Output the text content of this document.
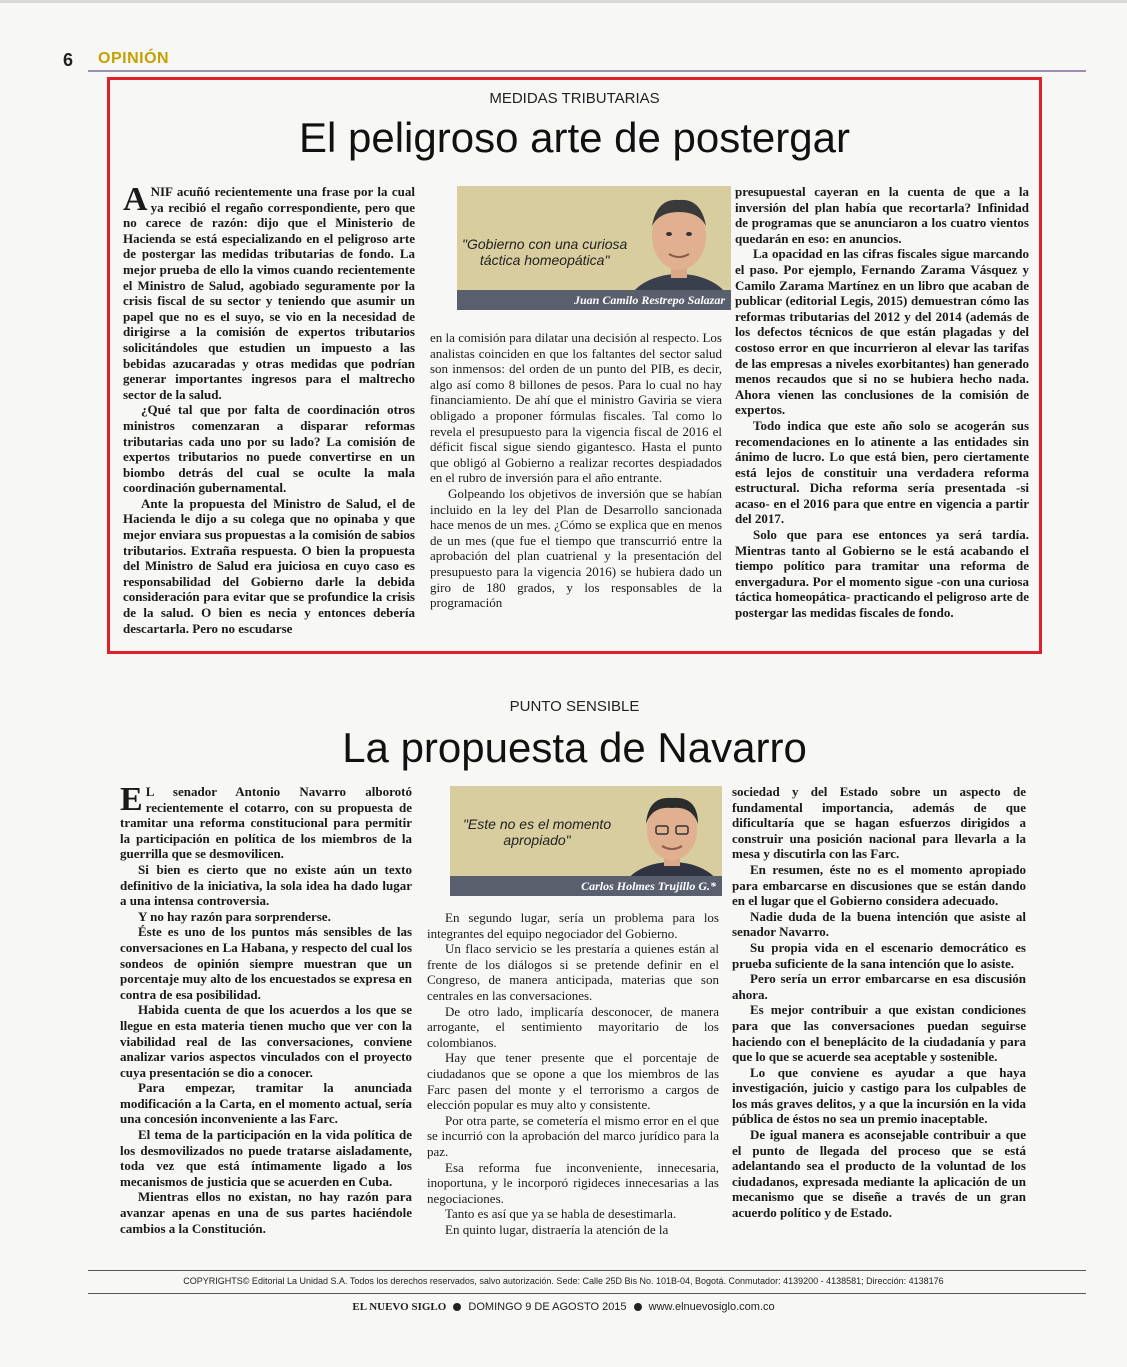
6 OPINIÓN
MEDIDAS TRIBUTARIAS
El peligroso arte de postergar

ANIF acuñó recientemente una frase por la cual ya recibió el regaño correspondiente, pero que no carece de razón: dijo que el Ministerio de Hacienda se está especializando en el peligroso arte de postergar las medidas tributarias de fondo. La mejor prueba de ello la vimos cuando recientemente el Ministro de Salud, agobiado seguramente por la crisis fiscal de su sector y teniendo que asumir un papel que no es el suyo, se vio en la necesidad de dirigirse a la comisión de expertos tributarios solicitándoles que estudien un impuesto a las bebidas azucaradas y otras medidas que podrían generar importantes ingresos para el maltrecho sector de la salud.

¿Qué tal que por falta de coordinación otros ministros comenzaran a disparar reformas tributarias cada uno por su lado? La comisión de expertos tributarios no puede convertirse en un biombo detrás del cual se oculte la mala coordinación gubernamental.

Ante la propuesta del Ministro de Salud, el de Hacienda le dijo a su colega que no opinaba y que mejor enviara sus propuestas a la comisión de sabios tributarios. Extraña respuesta. O bien la propuesta del Ministro de Salud era juiciosa en cuyo caso es responsabilidad del Gobierno darle la debida consideración para evitar que se profundice la crisis de la salud. O bien es necia y entonces debería descartarla. Pero no escudarse

"Gobierno con una curiosa táctica homeopática"
Juan Camilo Restrepo Salazar

en la comisión para dilatar una decisión al respecto. Los analistas coinciden en que los faltantes del sector salud son inmensos: del orden de un punto del PIB, es decir, algo así como 8 billones de pesos. Para lo cual no hay financiamiento. De ahí que el ministro Gaviria se viera obligado a proponer fórmulas fiscales. Tal como lo revela el presupuesto para la vigencia fiscal de 2016 el déficit fiscal sigue siendo gigantesco. Hasta el punto que obligó al Gobierno a realizar recortes despiadados en el rubro de inversión para el año entrante.

Golpeando los objetivos de inversión que se habían incluido en la ley del Plan de Desarrollo sancionada hace menos de un mes. ¿Cómo se explica que en menos de un mes (que fue el tiempo que transcurrió entre la aprobación del plan cuatrienal y la presentación del presupuesto para la vigencia 2016) se hubiera dado un giro de 180 grados, y los responsables de la programación

presupuestal cayeran en la cuenta de que a la inversión del plan había que recortarla? Infinidad de programas que se anunciaron a los cuatro vientos quedarán en eso: en anuncios.

La opacidad en las cifras fiscales sigue marcando el paso. Por ejemplo, Fernando Zarama Vásquez y Camilo Zarama Martínez en un libro que acaban de publicar (editorial Legis, 2015) demuestran cómo las reformas tributarias del 2012 y del 2014 (además de los defectos técnicos de que están plagadas y del costoso error en que incurrieron al elevar las tarifas de las empresas a niveles exorbitantes) han generado menos recaudos que si no se hubiera hecho nada. Ahora vienen las conclusiones de la comisión de expertos.

Todo indica que este año solo se acogerán sus recomendaciones en lo atinente a las entidades sin ánimo de lucro. Lo que está bien, pero ciertamente está lejos de constituir una verdadera reforma estructural. Dicha reforma sería presentada -si acaso- en el 2016 para que entre en vigencia a partir del 2017.

Solo que para ese entonces ya será tardía. Mientras tanto al Gobierno se le está acabando el tiempo político para tramitar una reforma de envergadura. Por el momento sigue -con una curiosa táctica homeopática- practicando el peligroso arte de postergar las medidas fiscales de fondo.

PUNTO SENSIBLE
La propuesta de Navarro

E L senador Antonio Navarro alborotó recientemente el cotarro, con su propuesta de tramitar una reforma constitucional para permitir la participación en política de los miembros de la guerrilla que se desmovilicen.

Si bien es cierto que no existe aún un texto definitivo de la iniciativa, la sola idea ha dado lugar a una intensa controversia.

Y no hay razón para sorprenderse.

Éste es uno de los puntos más sensibles de las conversaciones en La Habana, y respecto del cual los sondeos de opinión siempre muestran que un porcentaje muy alto de los encuestados se expresa en contra de esa posibilidad.

Habida cuenta de que los acuerdos a los que se llegue en esta materia tienen mucho que ver con la viabilidad real de las conversaciones, conviene analizar varios aspectos vinculados con el proyecto cuya presentación se dio a conocer.

Para empezar, tramitar la anunciada modificación a la Carta, en el momento actual, sería una concesión inconveniente a las Farc.

El tema de la participación en la vida política de los desmovilizados no puede tratarse aisladamente, toda vez que está íntimamente ligado a los mecanismos de justicia que se acuerden en Cuba.

Mientras ellos no existan, no hay razón para avanzar apenas en una de sus partes haciéndole cambios a la Constitución.

"Este no es el momento apropiado"
Carlos Holmes Trujillo G.*

En segundo lugar, sería un problema para los integrantes del equipo negociador del Gobierno.

Un flaco servicio se les prestaría a quienes están al frente de los diálogos si se pretende definir en el Congreso, de manera anticipada, materias que son centrales en las conversaciones.

De otro lado, implicaría desconocer, de manera arrogante, el sentimiento mayoritario de los colombianos.

Hay que tener presente que el porcentaje de ciudadanos que se opone a que los miembros de las Farc pasen del monte y el terrorismo a cargos de elección popular es muy alto y consistente.

Por otra parte, se cometería el mismo error en el que se incurrió con la aprobación del marco jurídico para la paz.

Esa reforma fue inconveniente, innecesaria, inoportuna, y le incorporó rigideces innecesarias a las negociaciones.

Tanto es así que ya se habla de desestimarla.

En quinto lugar, distraería la atención de la

sociedad y del Estado sobre un aspecto de fundamental importancia, además de que dificultaría que se hagan esfuerzos dirigidos a construir una posición nacional para llevarla a la mesa y discutirla con las Farc.

En resumen, éste no es el momento apropiado para embarcarse en discusiones que se están dando en el lugar que el Gobierno considera adecuado.

Nadie duda de la buena intención que asiste al senador Navarro.

Su propia vida en el escenario democrático es prueba suficiente de la sana intención que lo asiste.

Pero sería un error embarcarse en esa discusión ahora.

Es mejor contribuir a que existan condiciones para que las conversaciones puedan seguirse haciendo con el beneplácito de la ciudadanía y para que lo que se acuerde sea aceptable y sostenible.

Lo que conviene es ayudar a que haya investigación, juicio y castigo para los culpables de los más graves delitos, y a que la incursión en la vida pública de éstos no sea un premio inaceptable.

De igual manera es aconsejable contribuir a que el punto de llegada del proceso que se está adelantando sea el producto de la voluntad de los ciudadanos, expresada mediante la aplicación de un mecanismo que se diseñe a través de un gran acuerdo político y de Estado.

COPYRIGHTS© Editorial La Unidad S.A. Todos los derechos reservados, salvo autorización. Sede: Calle 25D Bis No. 101B-04, Bogotá. Conmutador: 4139200 - 4138581; Dirección: 4138176
EL NUEVO SIGLO DOMINGO 9 DE AGOSTO 2015 www.elnuevosiglo.com.co
